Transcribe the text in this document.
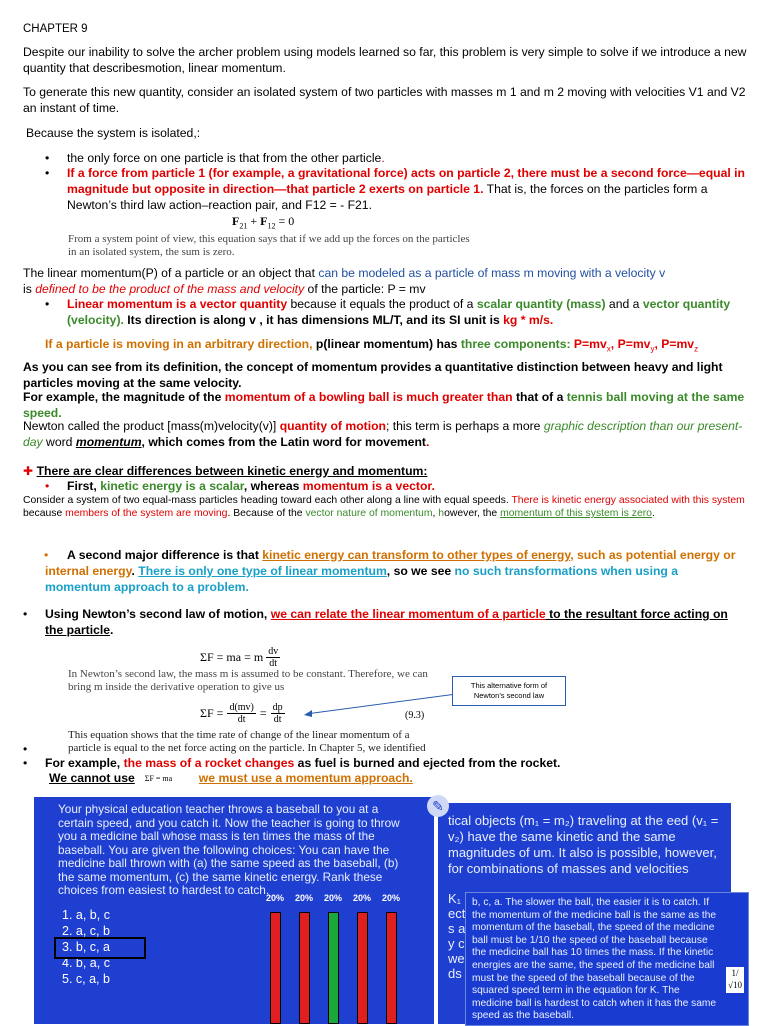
CHAPTER 9
Despite our inability to solve the archer problem using models learned so far, this problem is very simple to solve if we introduce a new quantity that describesmotion, linear momentum.
To generate this new quantity, consider an isolated system of two particles with masses m 1 and m 2 moving with velocities V1 and V2 an instant of time.
Because the system is isolated,:
• the only force on one particle is that from the other particle.
• If a force from particle 1 (for example, a gravitational force) acts on particle 2, there must be a second force—equal in magnitude but opposite in direction—that particle 2 exerts on particle 1. That is, the forces on the particles form a Newton’s third law action–reaction pair, and F12 = - F21.
$F_{21} + F_{12} = 0$
From a system point of view, this equation says that if we add up the forces on the particles in an isolated system, the sum is zero.
The linear momentum(P) of a particle or an object that can be modeled as a particle of mass m moving with a velocity v
is defined to be the product of the mass and velocity of the particle: P = mv
• Linear momentum is a vector quantity because it equals the product of a scalar quantity (mass) and a vector quantity (velocity). Its direction is along v , it has dimensions ML/T, and its SI unit is kg * m/s.
If a particle is moving in an arbitrary direction, p(linear momentum) has three components: $P=mv_x$, $P=mv_y$, $P=mv_z$
As you can see from its definition, the concept of momentum provides a quantitative distinction between heavy and light particles moving at the same velocity.
For example, the magnitude of the momentum of a bowling ball is much greater than that of a tennis ball moving at the same speed.
Newton called the product [mass(m)velocity(v)] quantity of motion; this term is perhaps a more graphic description than our present-day word momentum, which comes from the Latin word for movement.
✚ There are clear differences between kinetic energy and momentum:
• First, kinetic energy is a scalar, whereas momentum is a vector.
Consider a system of two equal-mass particles heading toward each other along a line with equal speeds. There is kinetic energy associated with this system because members of the system are moving. Because of the vector nature of momentum, however, the momentum of this system is zero.
• A second major difference is that kinetic energy can transform to other types of energy, such as potential energy or internal energy. There is only one type of linear momentum, so we see no such transformations when using a momentum approach to a problem.
• Using Newton’s second law of motion, we can relate the linear momentum of a particle to the resultant force acting on the particle.
ΣF = ma = m $\frac{dv}{dt}$
In Newton’s second law, the mass m is assumed to be constant. Therefore, we can bring m inside the derivative operation to give us
$\Sigma F = \frac{d(mv)}{dt} = \frac{dp}{dt}$	(9.3)
This equation shows that the time rate of change of the linear momentum of a particle is equal to the net force acting on the particle. In Chapter 5, we identified
This alternative form of Newton’s second law
•
• For example, the mass of a rocket changes as fuel is burned and ejected from the rocket.
We cannot use ΣF = ma	we must use a momentum approach.
Your physical education teacher throws a baseball to you at a certain speed, and you catch it. Now the teacher is going to throw you a medicine ball whose mass is ten times the mass of the baseball. You are given the following choices: You can have the medicine ball thrown with (a) the same speed as the baseball, (b) the same momentum, (c) the same kinetic energy. Rank these choices from easiest to hardest to catch.
1. a, b, c
2. a, c, b
3. b, c, a
4. b, a, c
5. c, a, b
20% 20% 20% 20% 20%
tical objects (m₁ = m₂) traveling at the eed (v₁ = v₂) have the same kinetic and the same magnitudes of um. It also is possible, however, for combinations of masses and velocities
K₁
ect
s a
y c
we
ds
✎
b, c, a. The slower the ball, the easier it is to catch. If the momentum of the medicine ball is the same as the momentum of the baseball, the speed of the medicine ball must be 1/10 the speed of the baseball because the medicine ball has 10 times the mass. If the kinetic energies are the same, the speed of the medicine ball must be the speed of the baseball because of the squared speed term in the equation for K. The medicine ball is hardest to catch when it has the same speed as the baseball.
1/√10
